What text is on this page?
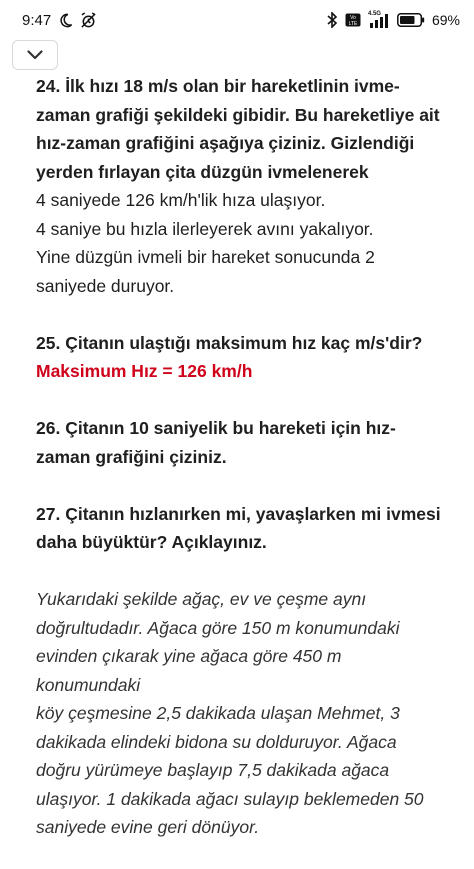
9:47	Vo
LTE
4.5G	69%

24. İlk hızı 18 m/s olan bir hareketlinin ivme-

zaman grafiği şekildeki gibidir. Bu hareketliye ait

hız-zaman grafiğini aşağıya çiziniz. Gizlendiği

yerden fırlayan çita düzgün ivmelenerek

4 saniyede 126 km/h'lik hıza ulaşıyor.

4 saniye bu hızla ilerleyerek avını yakalıyor.

Yine düzgün ivmeli bir hareket sonucunda 2

saniyede duruyor.

25. Çitanın ulaştığı maksimum hız kaç m/s'dir?

Maksimum Hız = 126 km/h

26. Çitanın 10 saniyelik bu hareketi için hız-

zaman grafiğini çiziniz.

27. Çitanın hızlanırken mi, yavaşlarken mi ivmesi

daha büyüktür? Açıklayınız.

Yukarıdaki şekilde ağaç, ev ve çeşme aynı

doğrultudadır. Ağaca göre 150 m konumundaki

evinden çıkarak yine ağaca göre 450 m

konumundaki

köy çeşmesine 2,5 dakikada ulaşan Mehmet, 3

dakikada elindeki bidona su dolduruyor. Ağaca

doğru yürümeye başlayıp 7,5 dakikada ağaca

ulaşıyor. 1 dakikada ağacı sulayıp beklemeden 50

saniyede evine geri dönüyor.
